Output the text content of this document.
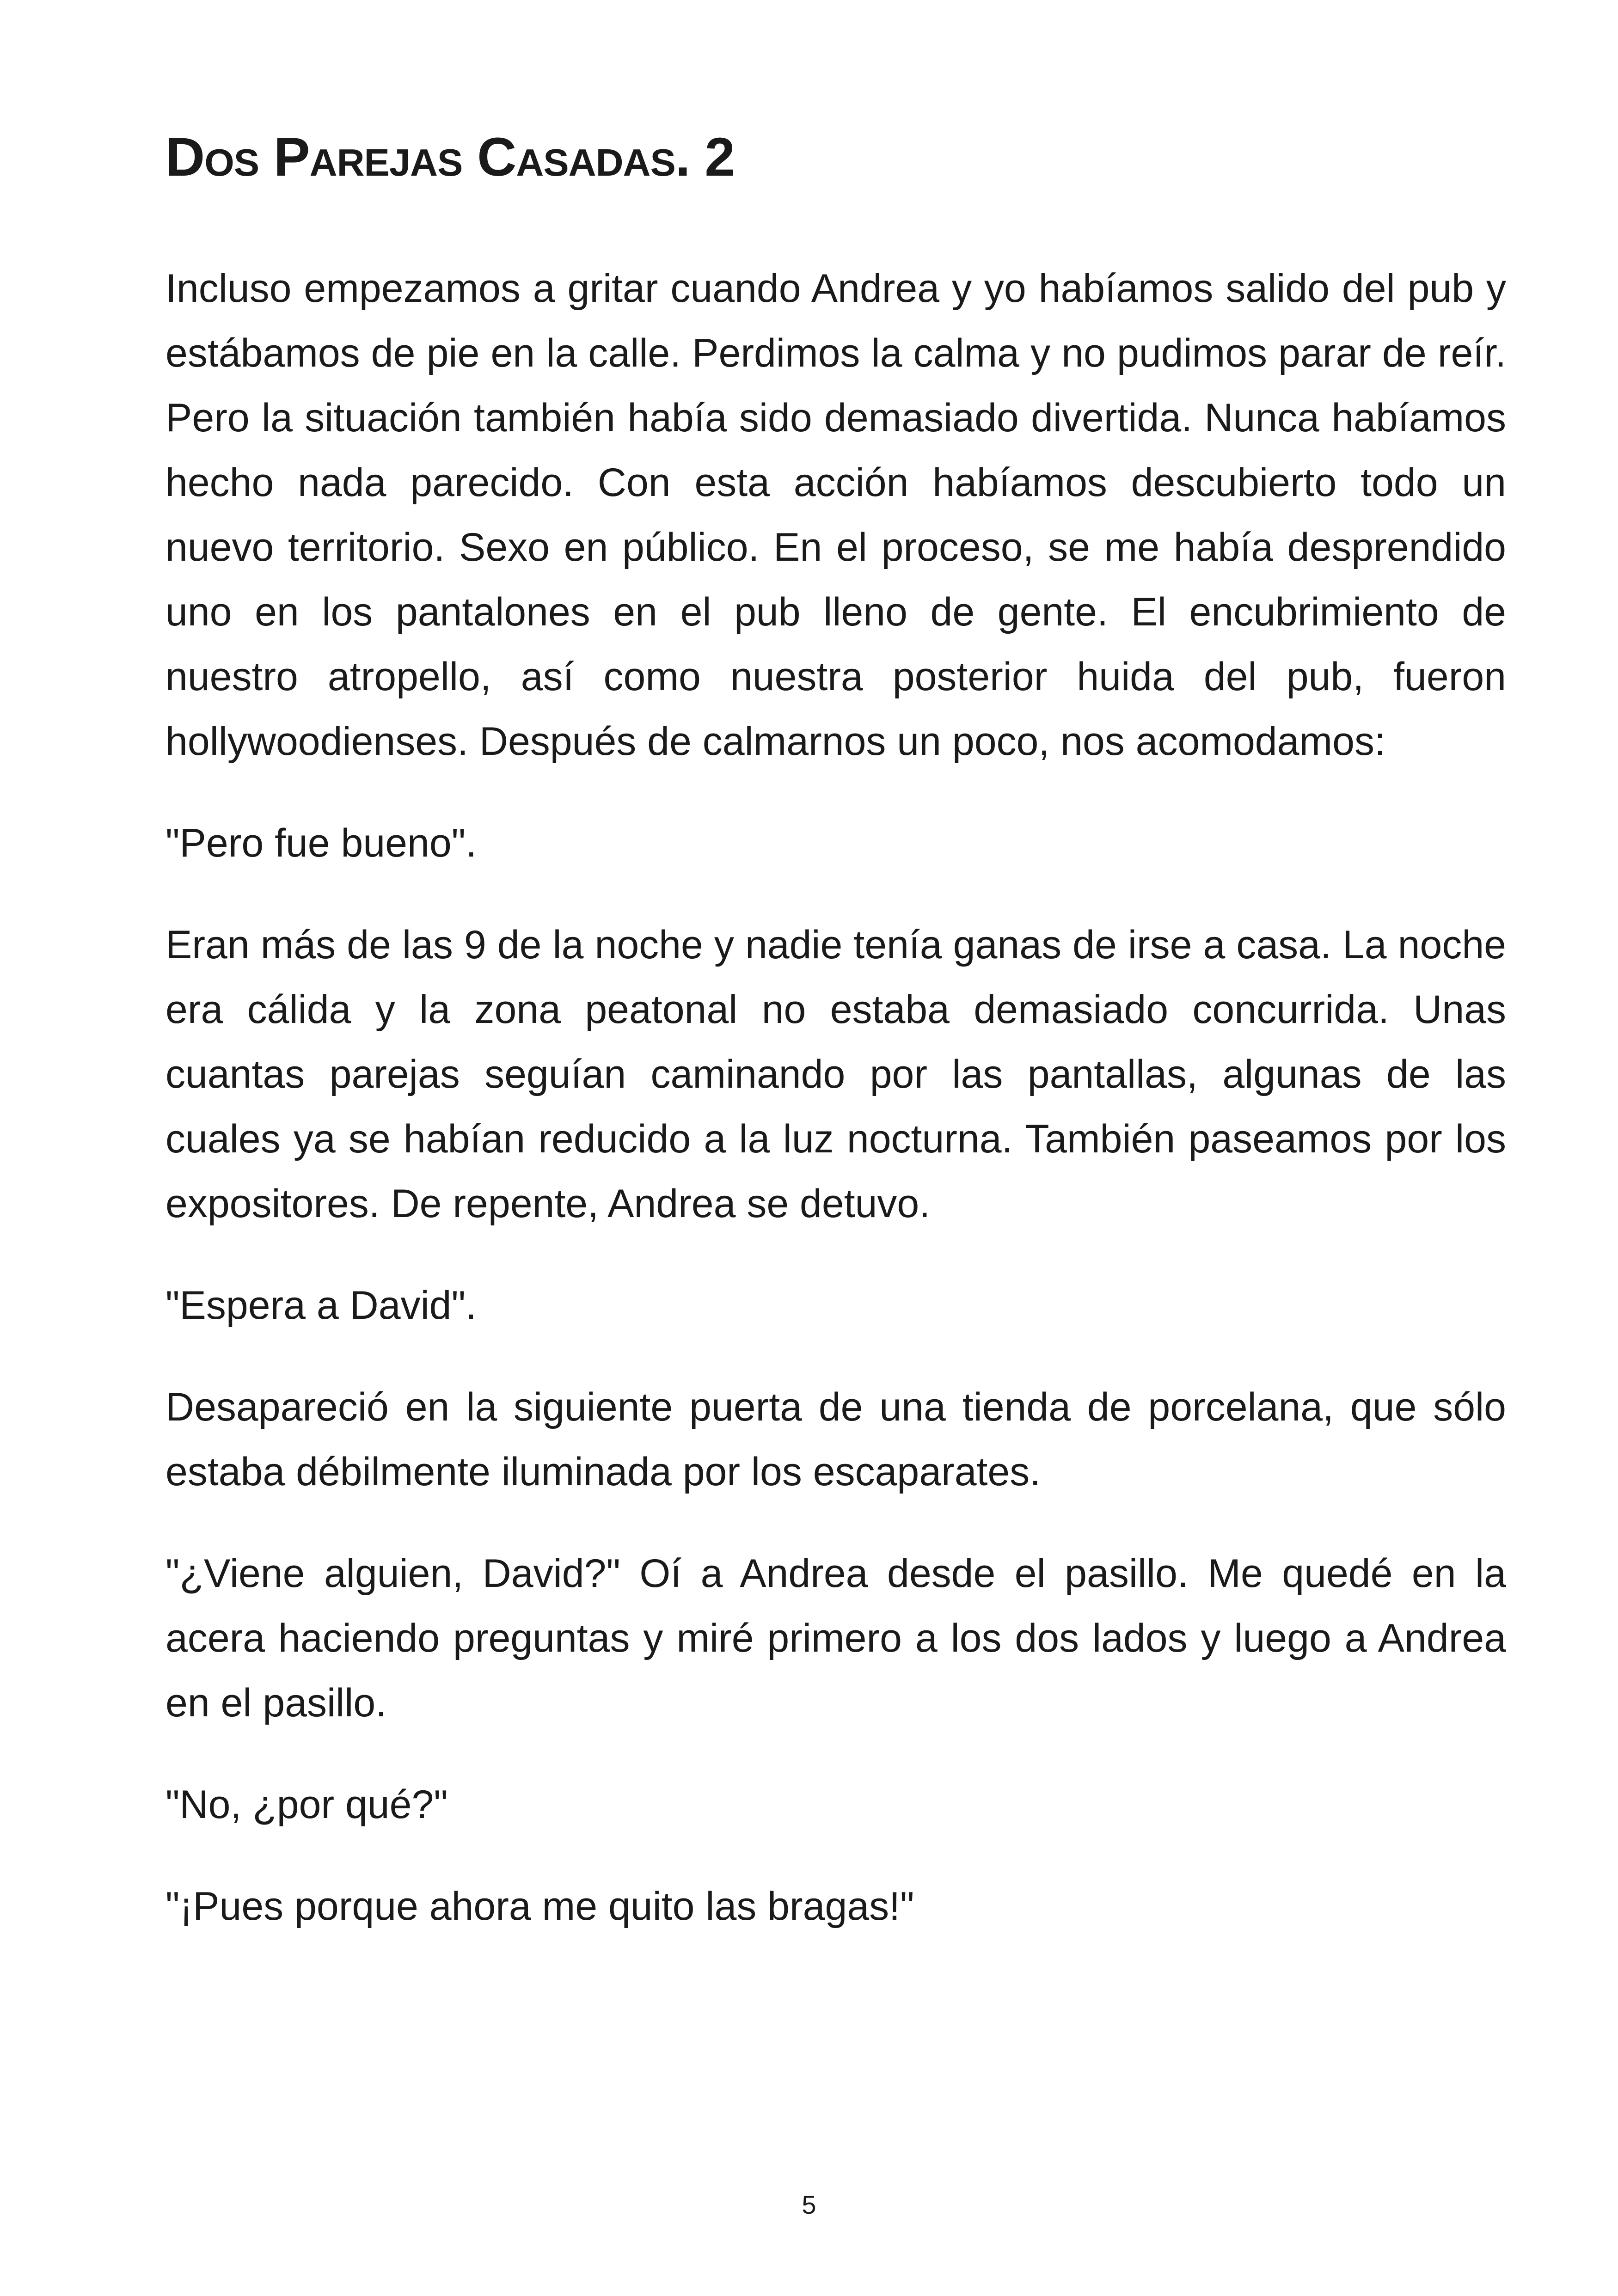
Dos Parejas Casadas. 2

Incluso empezamos a gritar cuando Andrea y yo habíamos salido del pub y estábamos de pie en la calle. Perdimos la calma y no pudimos parar de reír. Pero la situación también había sido demasiado divertida. Nunca habíamos hecho nada parecido. Con esta acción habíamos descubierto todo un nuevo territorio. Sexo en público. En el proceso, se me había desprendido uno en los pantalones en el pub lleno de gente. El encubrimiento de nuestro atropello, así como nuestra posterior huida del pub, fueron hollywoodienses. Después de calmarnos un poco, nos acomodamos:

"Pero fue bueno".

Eran más de las 9 de la noche y nadie tenía ganas de irse a casa. La noche era cálida y la zona peatonal no estaba demasiado concurrida. Unas cuantas parejas seguían caminando por las pantallas, algunas de las cuales ya se habían reducido a la luz nocturna. También paseamos por los expositores. De repente, Andrea se detuvo.

"Espera a David".

Desapareció en la siguiente puerta de una tienda de porcelana, que sólo estaba débilmente iluminada por los escaparates.

"¿Viene alguien, David?" Oí a Andrea desde el pasillo. Me quedé en la acera haciendo preguntas y miré primero a los dos lados y luego a Andrea en el pasillo.

"No, ¿por qué?"

"¡Pues porque ahora me quito las bragas!"

5
